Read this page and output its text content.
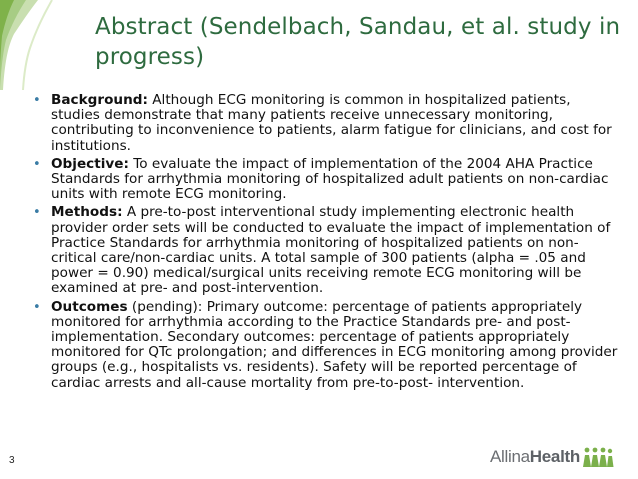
Abstract (Sendelbach, Sandau, et al. study in progress)
• Background: Although ECG monitoring is common in hospitalized patients, studies demonstrate that many patients receive unnecessary monitoring, contributing to inconvenience to patients, alarm fatigue for clinicians, and cost for institutions.
• Objective: To evaluate the impact of implementation of the 2004 AHA Practice Standards for arrhythmia monitoring of hospitalized adult patients on non-cardiac units with remote ECG monitoring.
• Methods: A pre-to-post interventional study implementing electronic health provider order sets will be conducted to evaluate the impact of implementation of Practice Standards for arrhythmia monitoring of hospitalized patients on non-critical care/non-cardiac units. A total sample of 300 patients (alpha = .05 and power = 0.90) medical/surgical units receiving remote ECG monitoring will be examined at pre- and post-intervention.
• Outcomes (pending): Primary outcome: percentage of patients appropriately monitored for arrhythmia according to the Practice Standards pre- and post-implementation. Secondary outcomes: percentage of patients appropriately monitored for QTc prolongation; and differences in ECG monitoring among provider groups (e.g., hospitalists vs. residents). Safety will be reported percentage of cardiac arrests and all-cause mortality from pre-to-post- intervention.
3	AllinaHealth
